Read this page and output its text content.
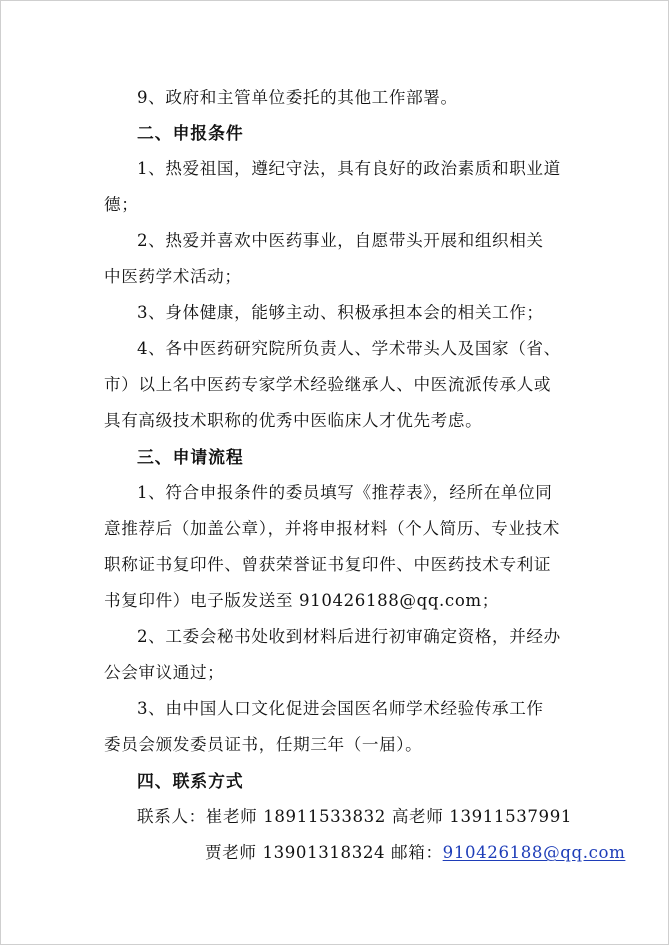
9、政府和主管单位委托的其他工作部署。
二、申报条件
1、热爱祖国，遵纪守法，具有良好的政治素质和职业道
德；
2、热爱并喜欢中医药事业，自愿带头开展和组织相关
中医药学术活动；
3、身体健康，能够主动、积极承担本会的相关工作；
4、各中医药研究院所负责人、学术带头人及国家（省、
市）以上名中医药专家学术经验继承人、中医流派传承人或
具有高级技术职称的优秀中医临床人才优先考虑。
三、申请流程
1、符合申报条件的委员填写《推荐表》，经所在单位同
意推荐后（加盖公章），并将申报材料（个人简历、专业技术
职称证书复印件、曾获荣誉证书复印件、中医药技术专利证
书复印件）电子版发送至 910426188@qq.com；
2、工委会秘书处收到材料后进行初审确定资格，并经办
公会审议通过；
3、由中国人口文化促进会国医名师学术经验传承工作
委员会颁发委员证书，任期三年（一届）。
四、联系方式
联系人：崔老师 18911533832 高老师 13911537991
贾老师 13901318324 邮箱：910426188@qq.com
